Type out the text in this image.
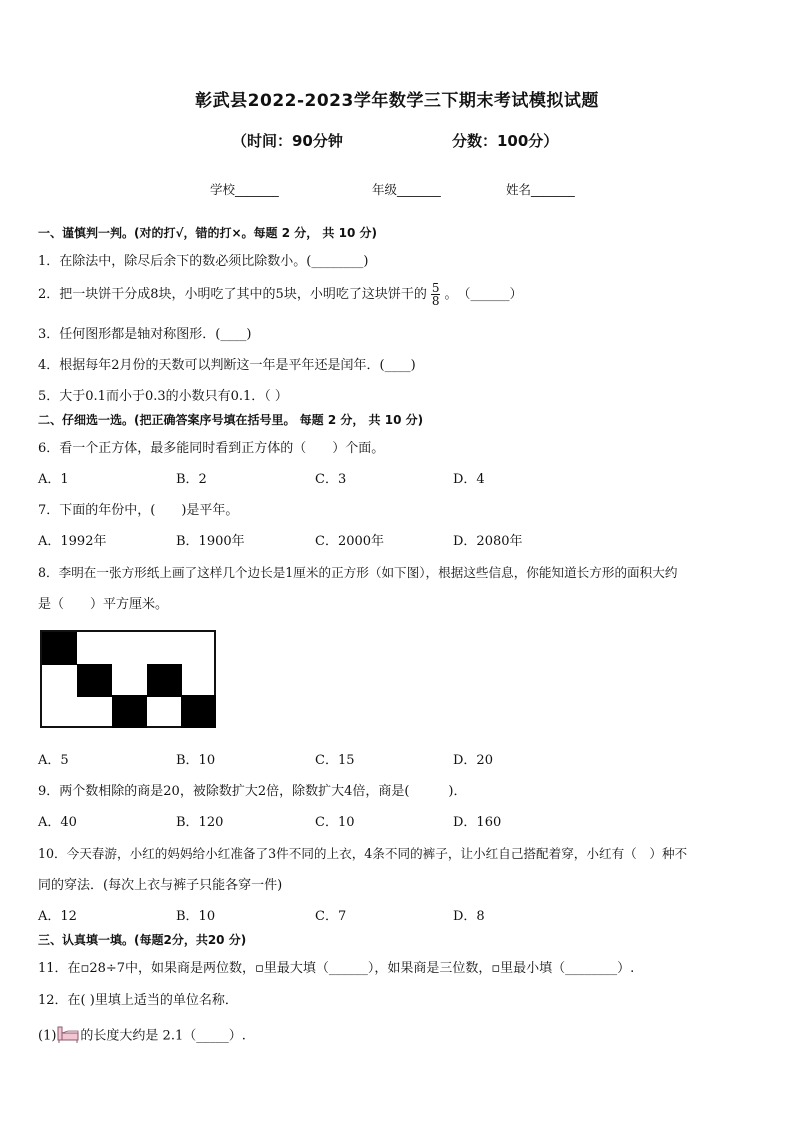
彰武县2022-2023学年数学三下期末考试模拟试题
（时间：90分钟	分数：100分）
学校_______	年级_______	姓名_______
一、谨慎判一判。(对的打√，错的打×。每题 2 分， 共 10 分)
1．在除法中，除尽后余下的数必须比除数小。(________)
2．把一块饼干分成8块，小明吃了其中的5块，小明吃了这块饼干的 $\frac{5}{8}$ 。　（______）
3．任何图形都是轴对称图形．(____)
4．根据每年2月份的天数可以判断这一年是平年还是闰年．(____)
5．大于0.1而小于0.3的小数只有0.1．（ ）
二、仔细选一选。(把正确答案序号填在括号里。 每题 2 分， 共 10 分)
6．看一个正方体，最多能同时看到正方体的（　　）个面。
A．1	B．2	C．3	D．4
7．下面的年份中，(　　)是平年。
A．1992年	B．1900年	C．2000年	D．2080年
8．李明在一张方形纸上画了这样几个边长是1厘米的正方形（如下图），根据这些信息，你能知道长方形的面积大约
是（　　）平方厘米。
A．5	B．10	C．15	D．20
9．两个数相除的商是20，被除数扩大2倍，除数扩大4倍，商是(　　　)．
A．40	B．120	C．10	D．160
10．今天春游，小红的妈妈给小红准备了3件不同的上衣，4条不同的裤子，让小红自己搭配着穿，小红有（　）种不
同的穿法．(每次上衣与裤子只能各穿一件)
A．12	B．10	C．7	D．8
三、认真填一填。(每题2分，共20 分)
11．在▫28÷7中，如果商是两位数，▫里最大填（______），如果商是三位数，▫里最小填（________）.
12．在( )里填上适当的单位名称．
(1) 的长度大约是 2.1（_____）.
